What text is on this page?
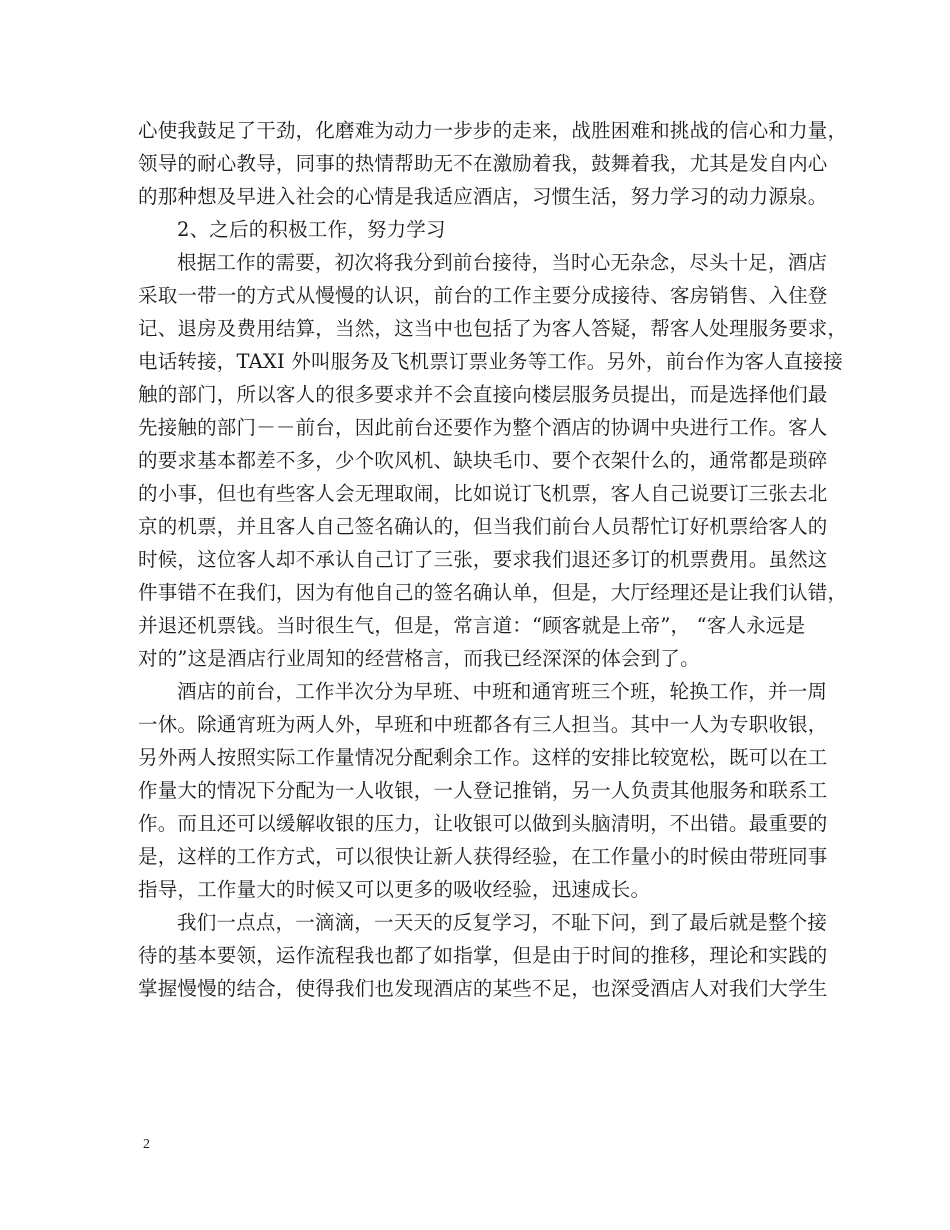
心使我鼓足了干劲，化磨难为动力一步步的走来，战胜困难和挑战的信心和力量，
领导的耐心教导，同事的热情帮助无不在激励着我，鼓舞着我，尤其是发自内心
的那种想及早进入社会的心情是我适应酒店，习惯生活，努力学习的动力源泉。
2、之后的积极工作，努力学习
根据工作的需要，初次将我分到前台接待，当时心无杂念，尽头十足，酒店
采取一带一的方式从慢慢的认识，前台的工作主要分成接待、客房销售、入住登
记、退房及费用结算，当然，这当中也包括了为客人答疑，帮客人处理服务要求，
电话转接，TAXI 外叫服务及飞机票订票业务等工作。另外，前台作为客人直接接
触的部门，所以客人的很多要求并不会直接向楼层服务员提出，而是选择他们最
先接触的部门－－前台，因此前台还要作为整个酒店的协调中央进行工作。客人
的要求基本都差不多，少个吹风机、缺块毛巾、要个衣架什么的，通常都是琐碎
的小事，但也有些客人会无理取闹，比如说订飞机票，客人自己说要订三张去北
京的机票，并且客人自己签名确认的，但当我们前台人员帮忙订好机票给客人的
时候，这位客人却不承认自己订了三张，要求我们退还多订的机票费用。虽然这
件事错不在我们，因为有他自己的签名确认单，但是，大厅经理还是让我们认错，
并退还机票钱。当时很生气，但是，常言道：“顾客就是上帝”， “客人永远是
对的”这是酒店行业周知的经营格言，而我已经深深的体会到了。
酒店的前台，工作半次分为早班、中班和通宵班三个班，轮换工作，并一周
一休。除通宵班为两人外，早班和中班都各有三人担当。其中一人为专职收银，
另外两人按照实际工作量情况分配剩余工作。这样的安排比较宽松，既可以在工
作量大的情况下分配为一人收银，一人登记推销，另一人负责其他服务和联系工
作。而且还可以缓解收银的压力，让收银可以做到头脑清明，不出错。最重要的
是，这样的工作方式，可以很快让新人获得经验，在工作量小的时候由带班同事
指导，工作量大的时候又可以更多的吸收经验，迅速成长。
我们一点点，一滴滴，一天天的反复学习，不耻下问，到了最后就是整个接
待的基本要领，运作流程我也都了如指掌，但是由于时间的推移，理论和实践的
掌握慢慢的结合，使得我们也发现酒店的某些不足，也深受酒店人对我们大学生
2
